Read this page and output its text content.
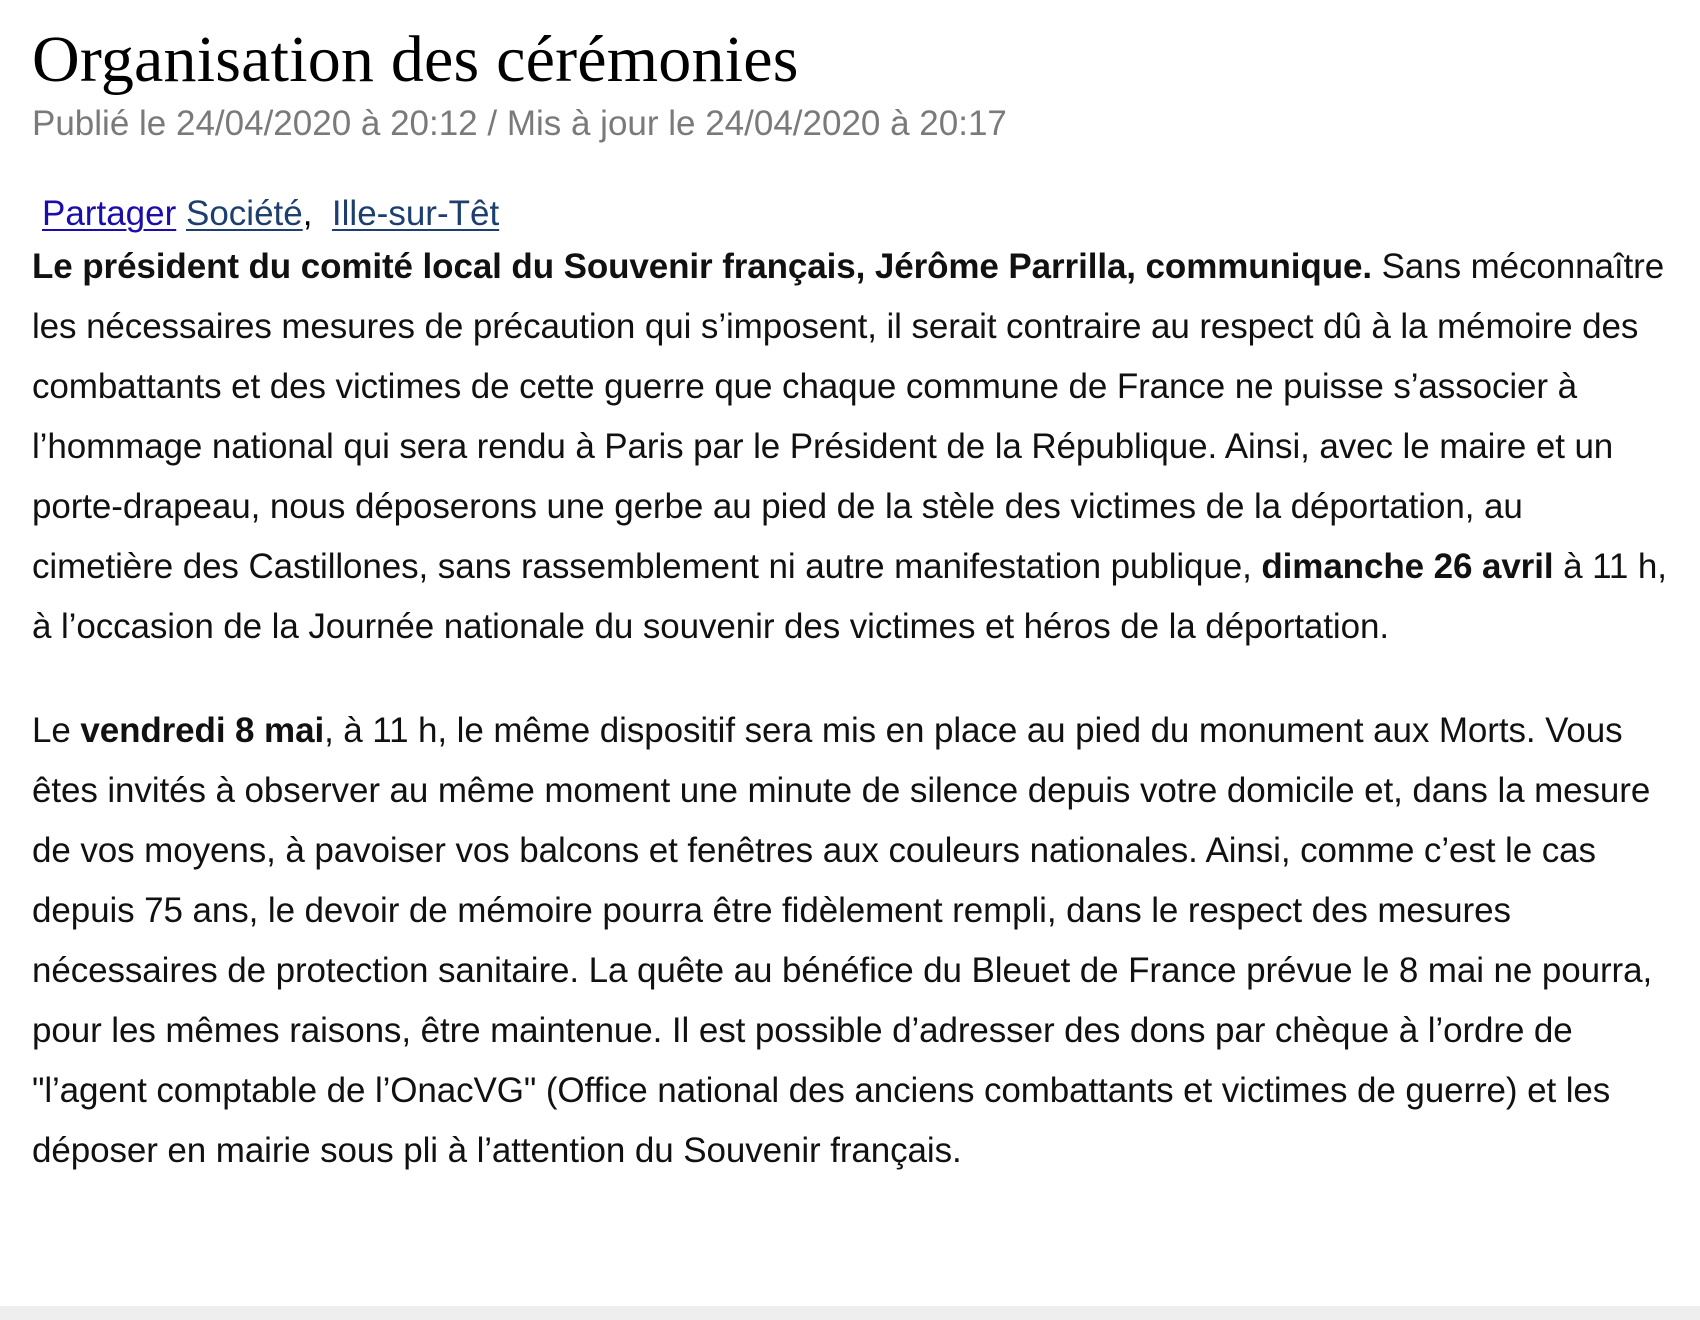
Organisation des cérémonies
Publié le 24/04/2020 à 20:12 / Mis à jour le 24/04/2020 à 20:17
Partager Société, Ille-sur-Têt

Le président du comité local du Souvenir français, Jérôme Parrilla, communique. Sans méconnaître les nécessaires mesures de précaution qui s’imposent, il serait contraire au respect dû à la mémoire des combattants et des victimes de cette guerre que chaque commune de France ne puisse s’associer à l’hommage national qui sera rendu à Paris par le Président de la République. Ainsi, avec le maire et un porte-drapeau, nous déposerons une gerbe au pied de la stèle des victimes de la déportation, au cimetière des Castillones, sans rassemblement ni autre manifestation publique, dimanche 26 avril à 11 h, à l’occasion de la Journée nationale du souvenir des victimes et héros de la déportation.

Le vendredi 8 mai, à 11 h, le même dispositif sera mis en place au pied du monument aux Morts. Vous êtes invités à observer au même moment une minute de silence depuis votre domicile et, dans la mesure de vos moyens, à pavoiser vos balcons et fenêtres aux couleurs nationales. Ainsi, comme c’est le cas depuis 75 ans, le devoir de mémoire pourra être fidèlement rempli, dans le respect des mesures nécessaires de protection sanitaire. La quête au bénéfice du Bleuet de France prévue le 8 mai ne pourra, pour les mêmes raisons, être maintenue. Il est possible d’adresser des dons par chèque à l’ordre de "l’agent comptable de l’OnacVG" (Office national des anciens combattants et victimes de guerre) et les déposer en mairie sous pli à l’attention du Souvenir français.
